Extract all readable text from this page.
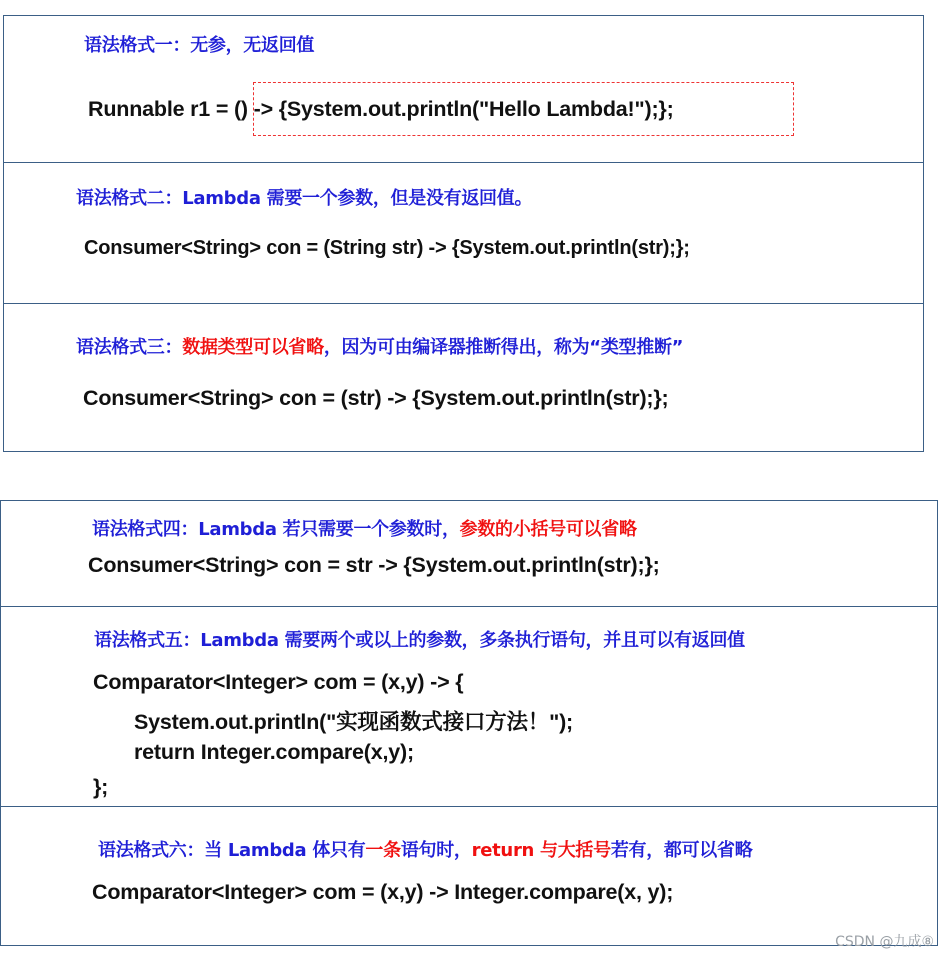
语法格式一：无参，无返回值
Runnable r1 = () -> {System.out.println("Hello Lambda!");};
语法格式二：Lambda 需要一个参数，但是没有返回值。
Consumer<String> con = (String str) -> {System.out.println(str);};
语法格式三：数据类型可以省略，因为可由编译器推断得出，称为“类型推断”
Consumer<String> con = (str) -> {System.out.println(str);};
语法格式四：Lambda 若只需要一个参数时，参数的小括号可以省略
Consumer<String> con = str -> {System.out.println(str);};
语法格式五：Lambda 需要两个或以上的参数，多条执行语句，并且可以有返回值
Comparator<Integer> com = (x,y) -> {
System.out.println("实现函数式接口方法！");
return Integer.compare(x,y);
};
语法格式六：当 Lambda 体只有一条语句时，return 与大括号若有，都可以省略
Comparator<Integer> com = (x,y) -> Integer.compare(x, y);
CSDN @九成⑧
